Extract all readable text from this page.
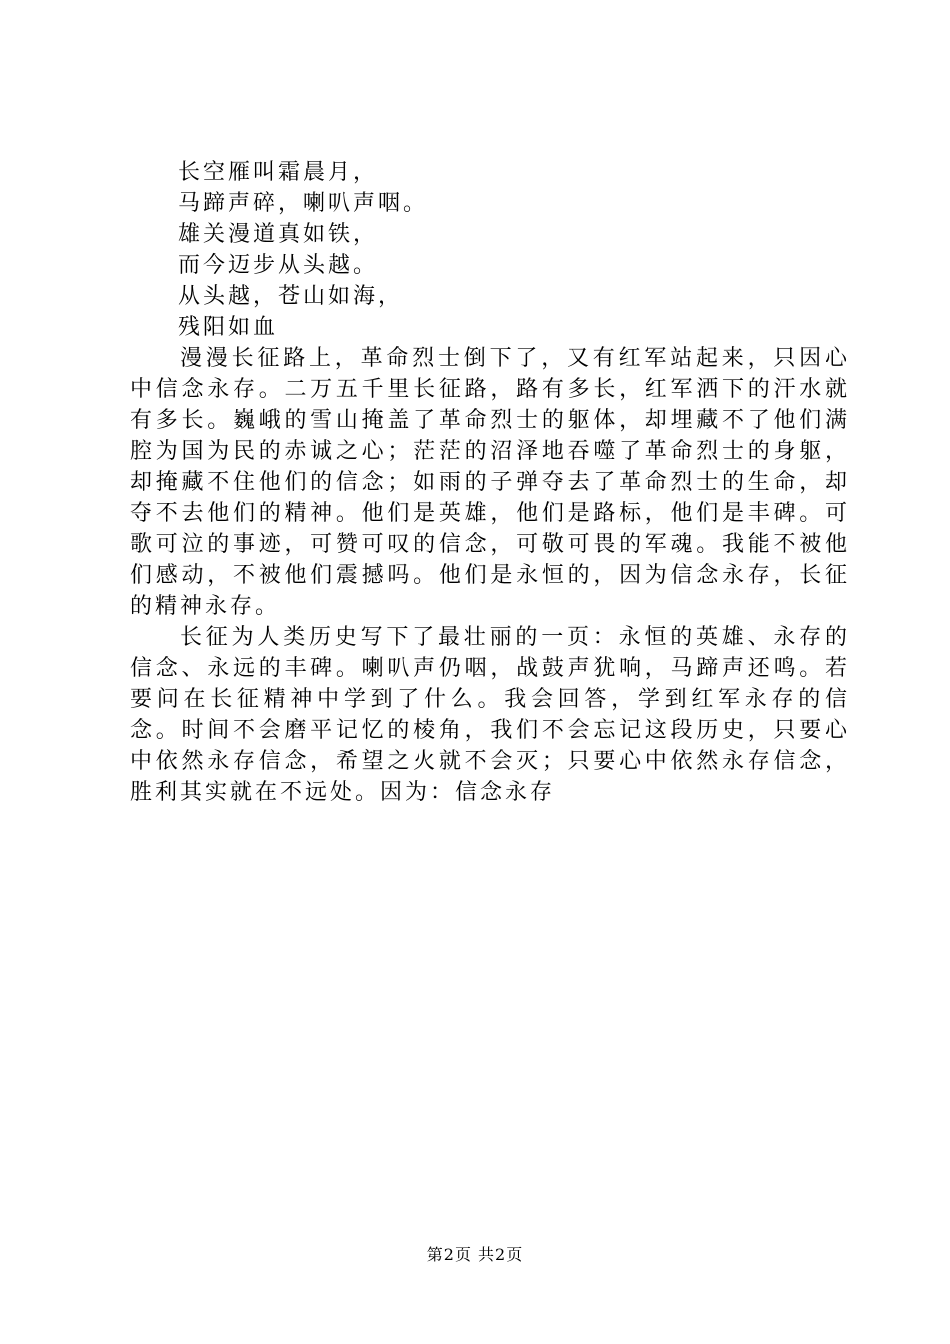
长空雁叫霜晨月，
马蹄声碎，喇叭声咽。
雄关漫道真如铁，
而今迈步从头越。
从头越，苍山如海，
残阳如血

漫漫长征路上，革命烈士倒下了，又有红军站起来，只因心中信念永存。二万五千里长征路，路有多长，红军洒下的汗水就有多长。巍峨的雪山掩盖了革命烈士的躯体，却埋藏不了他们满腔为国为民的赤诚之心；茫茫的沼泽地吞噬了革命烈士的身躯，却掩藏不住他们的信念；如雨的子弹夺去了革命烈士的生命，却夺不去他们的精神。他们是英雄，他们是路标，他们是丰碑。可歌可泣的事迹，可赞可叹的信念，可敬可畏的军魂。我能不被他们感动，不被他们震撼吗。他们是永恒的，因为信念永存，长征的精神永存。

长征为人类历史写下了最壮丽的一页：永恒的英雄、永存的信念、永远的丰碑。喇叭声仍咽，战鼓声犹响，马蹄声还鸣。若要问在长征精神中学到了什么。我会回答，学到红军永存的信念。时间不会磨平记忆的棱角，我们不会忘记这段历史，只要心中依然永存信念，希望之火就不会灭；只要心中依然永存信念，胜利其实就在不远处。因为：信念永存

第2页 共2页
